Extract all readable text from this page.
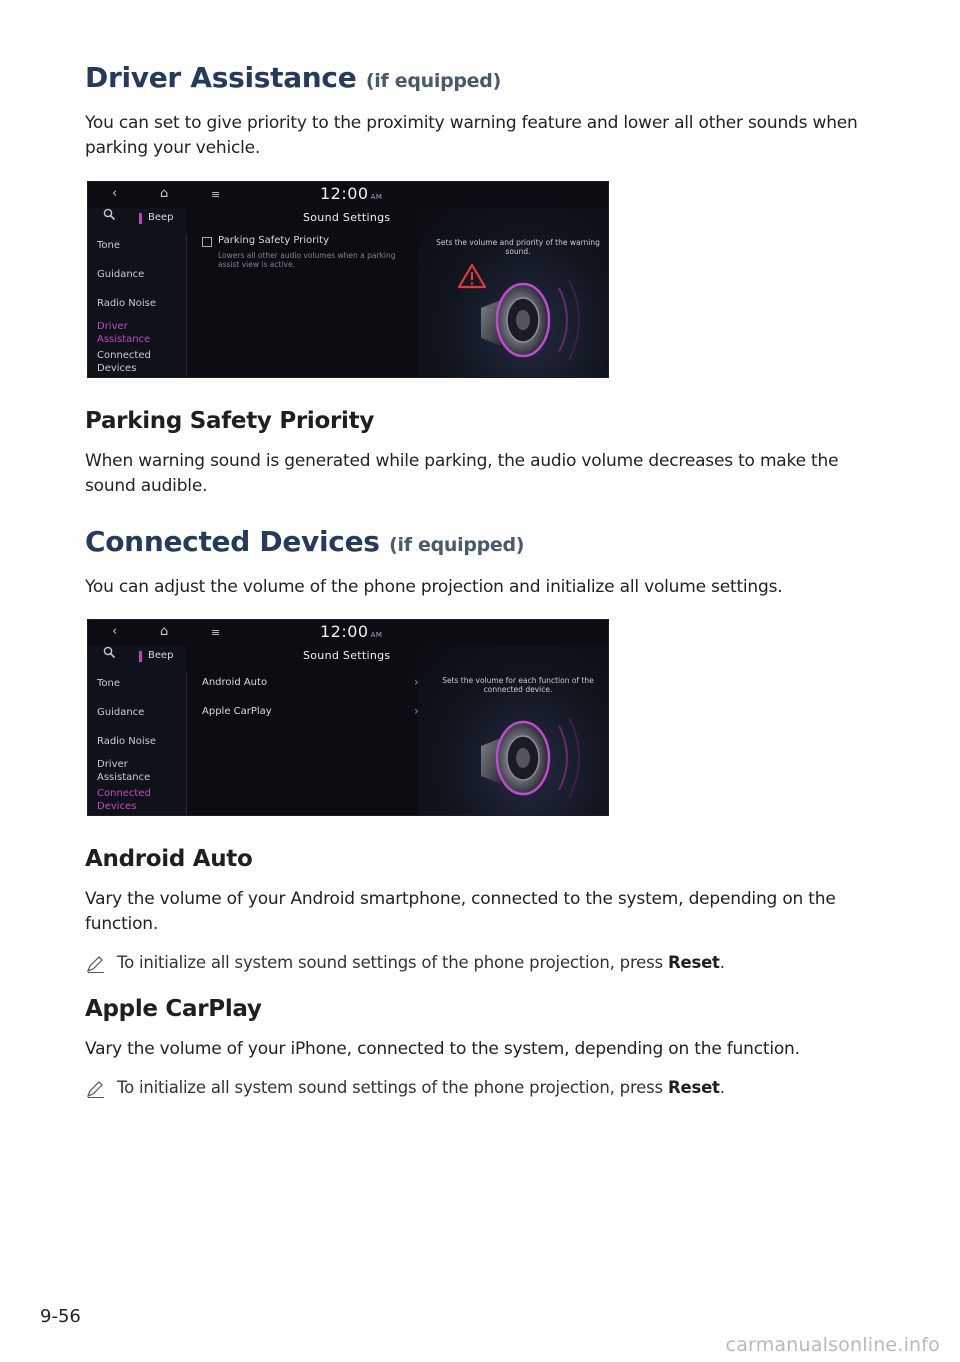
Driver Assistance (if equipped)

You can set to give priority to the proximity warning feature and lower all other sounds when parking your vehicle.

‹	⌂	≡	12:00 AM
Beep	Sound Settings
Tone
Guidance
Radio Noise
Driver Assistance
Connected Devices
Parking Safety Priority
Lowers all other audio volumes when a parking assist view is active.
Sets the volume and priority of the warning sound.
Parking Safety Priority

When warning sound is generated while parking, the audio volume decreases to make the sound audible.

Connected Devices (if equipped)

You can adjust the volume of the phone projection and initialize all volume settings.

‹	⌂	≡	12:00 AM
Beep	Sound Settings
Tone
Guidance
Radio Noise
Driver Assistance
Connected Devices
Android Auto	›
Apple CarPlay	›
Sets the volume for each function of the connected device.
Android Auto

Vary the volume of your Android smartphone, connected to the system, depending on the function.

To initialize all system sound settings of the phone projection, press Reset.

Apple CarPlay

Vary the volume of your iPhone, connected to the system, depending on the function.

To initialize all system sound settings of the phone projection, press Reset.

9-56

carmanualsonline.info
